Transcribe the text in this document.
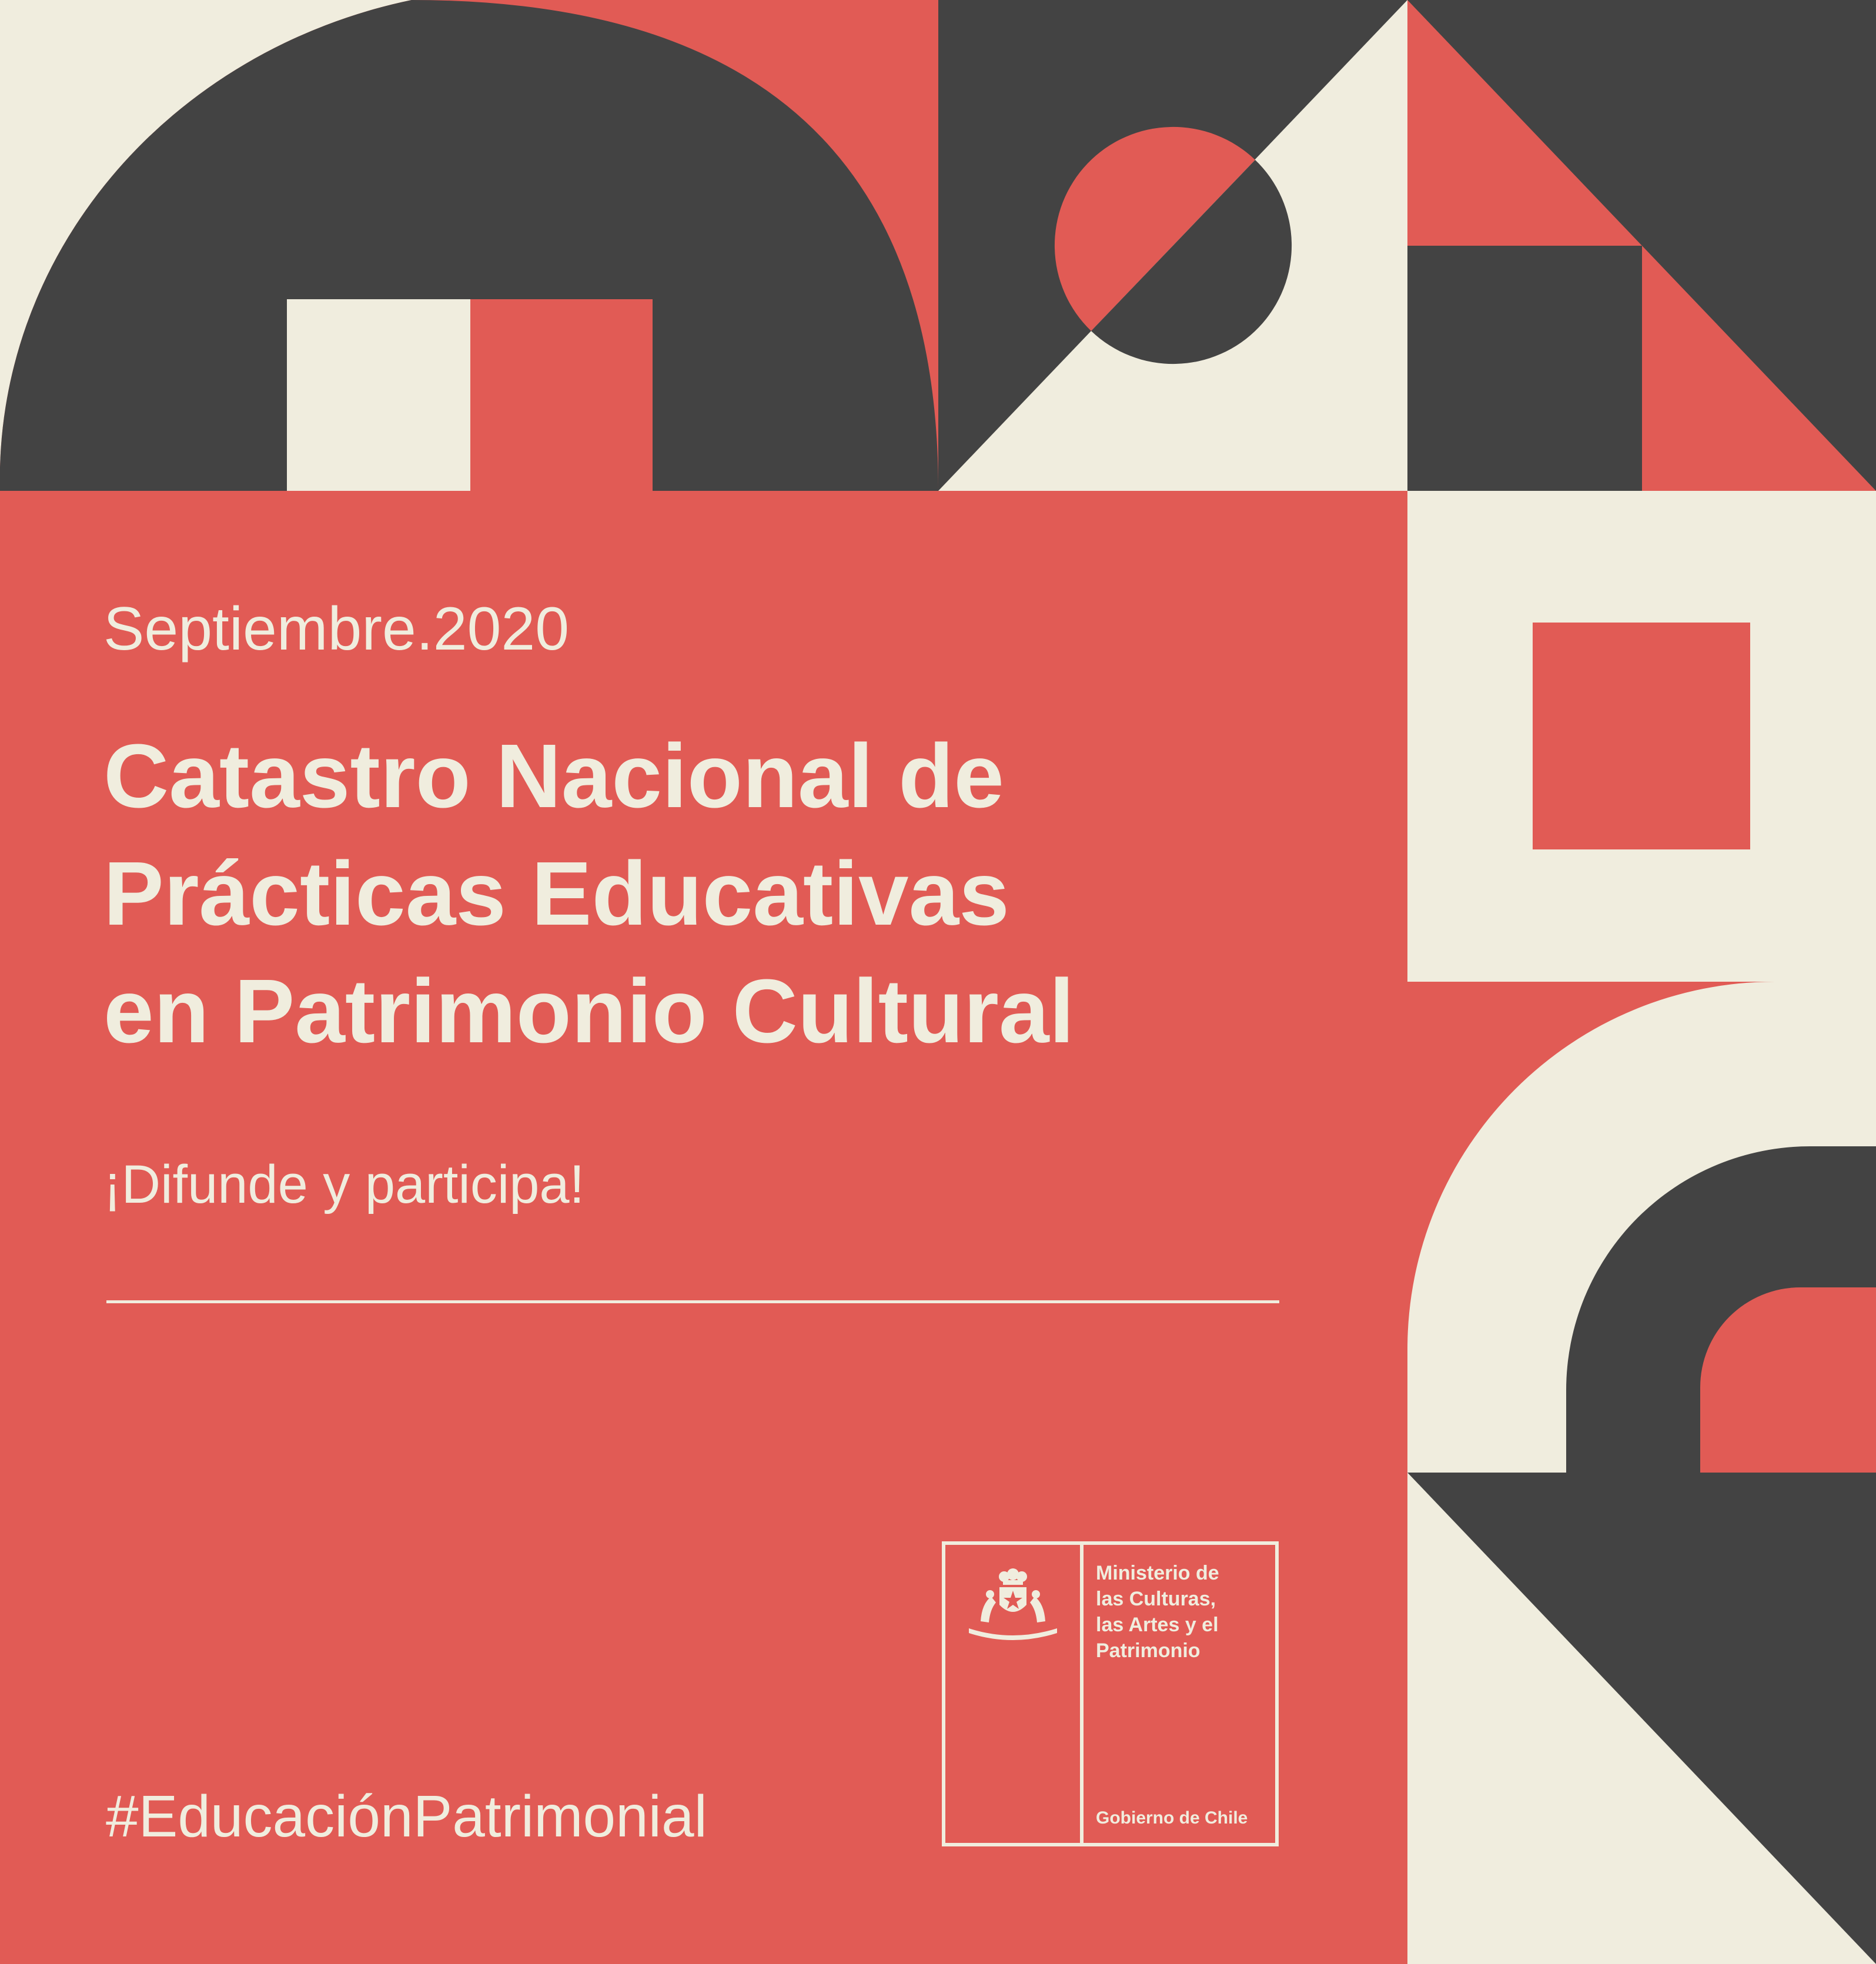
Septiembre.2020
Catastro Nacional de
Prácticas Educativas
en Patrimonio Cultural
¡Difunde y participa!
#EducaciónPatrimonial
Ministerio de
las Culturas,
las Artes y el
Patrimonio
Gobierno de Chile
